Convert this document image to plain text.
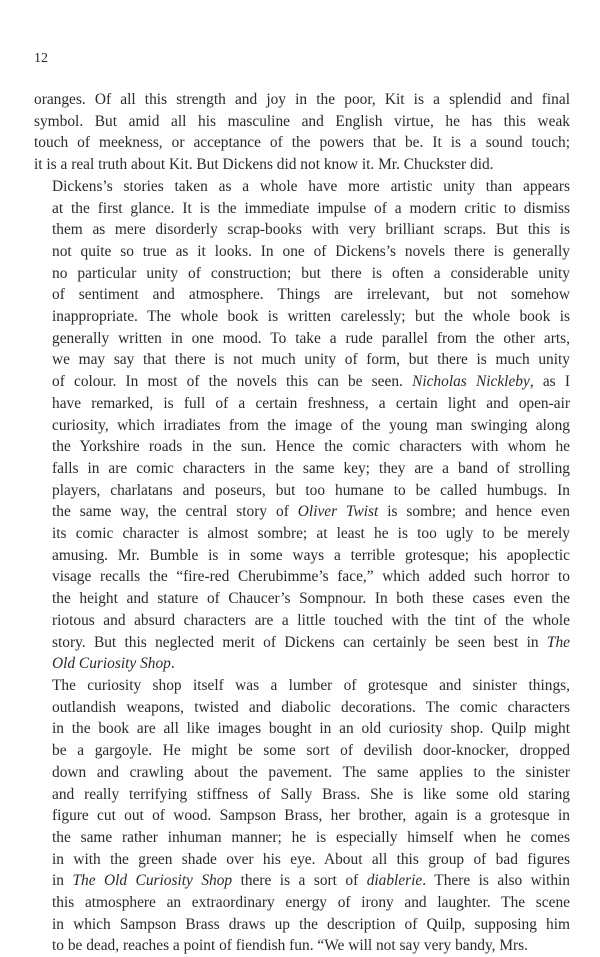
12

oranges. Of all this strength and joy in the poor, Kit is a splendid and final
symbol. But amid all his masculine and English virtue, he has this weak
touch of meekness, or acceptance of the powers that be. It is a sound touch;
it is a real truth about Kit. But Dickens did not know it. Mr. Chuckster did.

Dickens’s stories taken as a whole have more artistic unity than appears
at the first glance. It is the immediate impulse of a modern critic to dismiss
them as mere disorderly scrap-books with very brilliant scraps. But this is
not quite so true as it looks. In one of Dickens’s novels there is generally
no particular unity of construction; but there is often a considerable unity
of sentiment and atmosphere. Things are irrelevant, but not somehow
inappropriate. The whole book is written carelessly; but the whole book is
generally written in one mood. To take a rude parallel from the other arts,
we may say that there is not much unity of form, but there is much unity
of colour. In most of the novels this can be seen. Nicholas Nickleby, as I
have remarked, is full of a certain freshness, a certain light and open-air
curiosity, which irradiates from the image of the young man swinging along
the Yorkshire roads in the sun. Hence the comic characters with whom he
falls in are comic characters in the same key; they are a band of strolling
players, charlatans and poseurs, but too humane to be called humbugs. In
the same way, the central story of Oliver Twist is sombre; and hence even
its comic character is almost sombre; at least he is too ugly to be merely
amusing. Mr. Bumble is in some ways a terrible grotesque; his apoplectic
visage recalls the “fire-red Cherubimme’s face,” which added such horror to
the height and stature of Chaucer’s Sompnour. In both these cases even the
riotous and absurd characters are a little touched with the tint of the whole
story. But this neglected merit of Dickens can certainly be seen best in The
Old Curiosity Shop.

The curiosity shop itself was a lumber of grotesque and sinister things,
outlandish weapons, twisted and diabolic decorations. The comic characters
in the book are all like images bought in an old curiosity shop. Quilp might
be a gargoyle. He might be some sort of devilish door-knocker, dropped
down and crawling about the pavement. The same applies to the sinister
and really terrifying stiffness of Sally Brass. She is like some old staring
figure cut out of wood. Sampson Brass, her brother, again is a grotesque in
the same rather inhuman manner; he is especially himself when he comes
in with the green shade over his eye. About all this group of bad figures
in The Old Curiosity Shop there is a sort of diablerie. There is also within
this atmosphere an extraordinary energy of irony and laughter. The scene
in which Sampson Brass draws up the description of Quilp, supposing him
to be dead, reaches a point of fiendish fun. “We will not say very bandy, Mrs.
